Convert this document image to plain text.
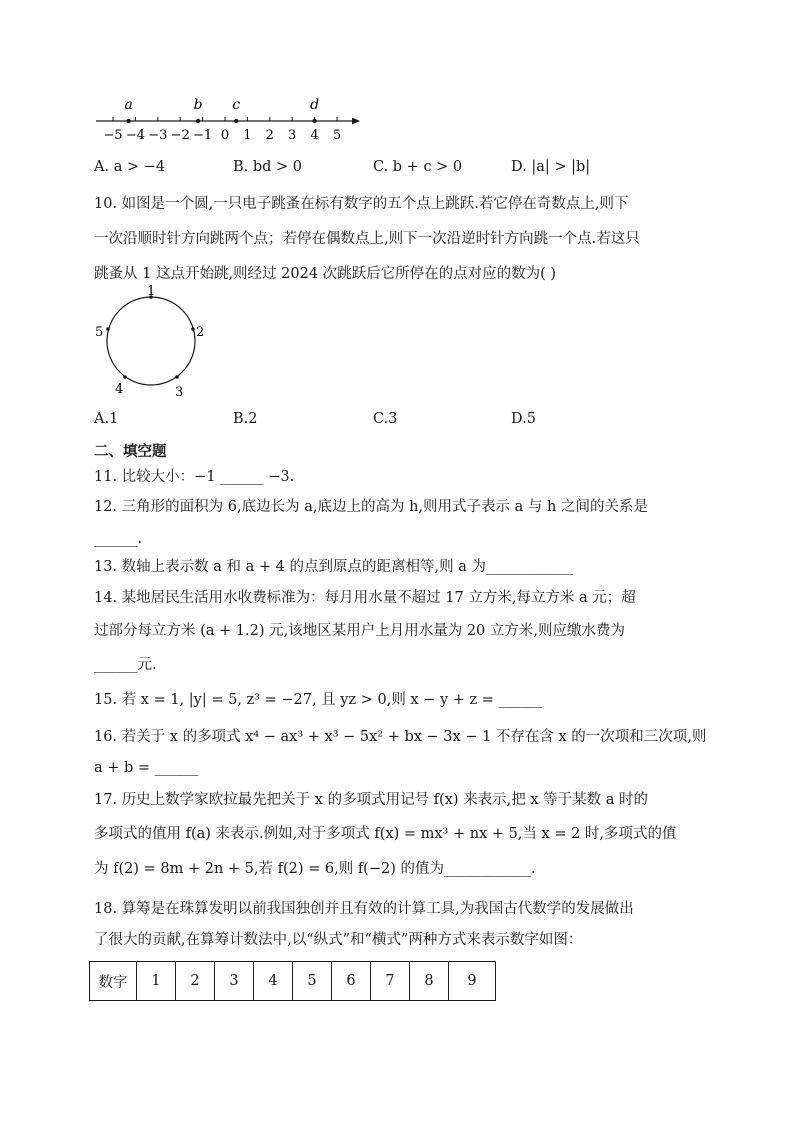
−5 −4 −3 −2 −1 0 1 2 3 4 5
a	b c	d
A. a > −4	B. bd > 0	C. b + c > 0	D. |a| > |b|
10. 如图是一个圆,一只电子跳蚤在标有数字的五个点上跳跃.若它停在奇数点上,则下
一次沿顺时针方向跳两个点；若停在偶数点上,则下一次沿逆时针方向跳一个点.若这只
跳蚤从 1 这点开始跳,则经过 2024 次跳跃后它所停在的点对应的数为( )
1
2
3
4
5
A.1	B.2	C.3	D.5
二、填空题
11. 比较大小：−1 ______ −3.
12. 三角形的面积为 6,底边长为 a,底边上的高为 h,则用式子表示 a 与 h 之间的关系是
______.
13. 数轴上表示数 a 和 a + 4 的点到原点的距离相等,则 a 为____________
14. 某地居民生活用水收费标准为：每月用水量不超过 17 立方米,每立方米 a 元；超
过部分每立方米 (a + 1.2) 元,该地区某用户上月用水量为 20 立方米,则应缴水费为
______元.
15. 若 x = 1, |y| = 5, z³ = −27, 且 yz > 0,则 x − y + z = ______
16. 若关于 x 的多项式 x⁴ − ax³ + x³ − 5x² + bx − 3x − 1 不存在含 x 的一次项和三次项,则
a + b = ______
17. 历史上数学家欧拉最先把关于 x 的多项式用记号 f(x) 来表示,把 x 等于某数 a 时的
多项式的值用 f(a) 来表示.例如,对于多项式 f(x) = mx³ + nx + 5,当 x = 2 时,多项式的值
为 f(2) = 8m + 2n + 5,若 f(2) = 6,则 f(−2) 的值为____________.
18. 算筹是在珠算发明以前我国独创并且有效的计算工具,为我国古代数学的发展做出
了很大的贡献,在算筹计数法中,以“纵式”和“横式”两种方式来表示数字如图：
数字	1	2	3	4	5	6	7	8	9
